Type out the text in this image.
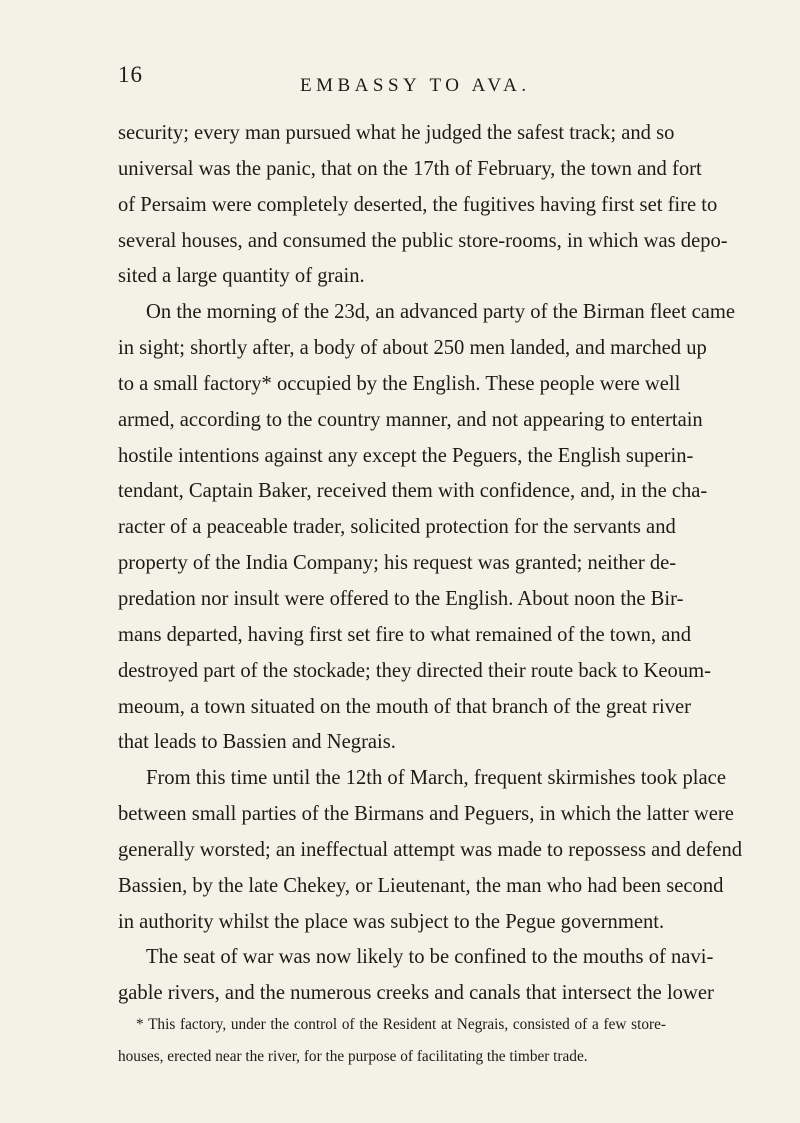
16	EMBASSY TO AVA.
security; every man pursued what he judged the safest track; and so
universal was the panic, that on the 17th of February, the town and fort
of Persaim were completely deserted, the fugitives having first set fire to
several houses, and consumed the public store-rooms, in which was depo-
sited a large quantity of grain.
On the morning of the 23d, an advanced party of the Birman fleet came
in sight; shortly after, a body of about 250 men landed, and marched up
to a small factory* occupied by the English. These people were well
armed, according to the country manner, and not appearing to entertain
hostile intentions against any except the Peguers, the English superin-
tendant, Captain Baker, received them with confidence, and, in the cha-
racter of a peaceable trader, solicited protection for the servants and
property of the India Company; his request was granted; neither de-
predation nor insult were offered to the English. About noon the Bir-
mans departed, having first set fire to what remained of the town, and
destroyed part of the stockade; they directed their route back to Keoum-
meoum, a town situated on the mouth of that branch of the great river
that leads to Bassien and Negrais.
From this time until the 12th of March, frequent skirmishes took place
between small parties of the Birmans and Peguers, in which the latter were
generally worsted; an ineffectual attempt was made to repossess and defend
Bassien, by the late Chekey, or Lieutenant, the man who had been second
in authority whilst the place was subject to the Pegue government.
The seat of war was now likely to be confined to the mouths of navi-
gable rivers, and the numerous creeks and canals that intersect the lower
* This factory, under the control of the Resident at Negrais, consisted of a few store-
houses, erected near the river, for the purpose of facilitating the timber trade.
